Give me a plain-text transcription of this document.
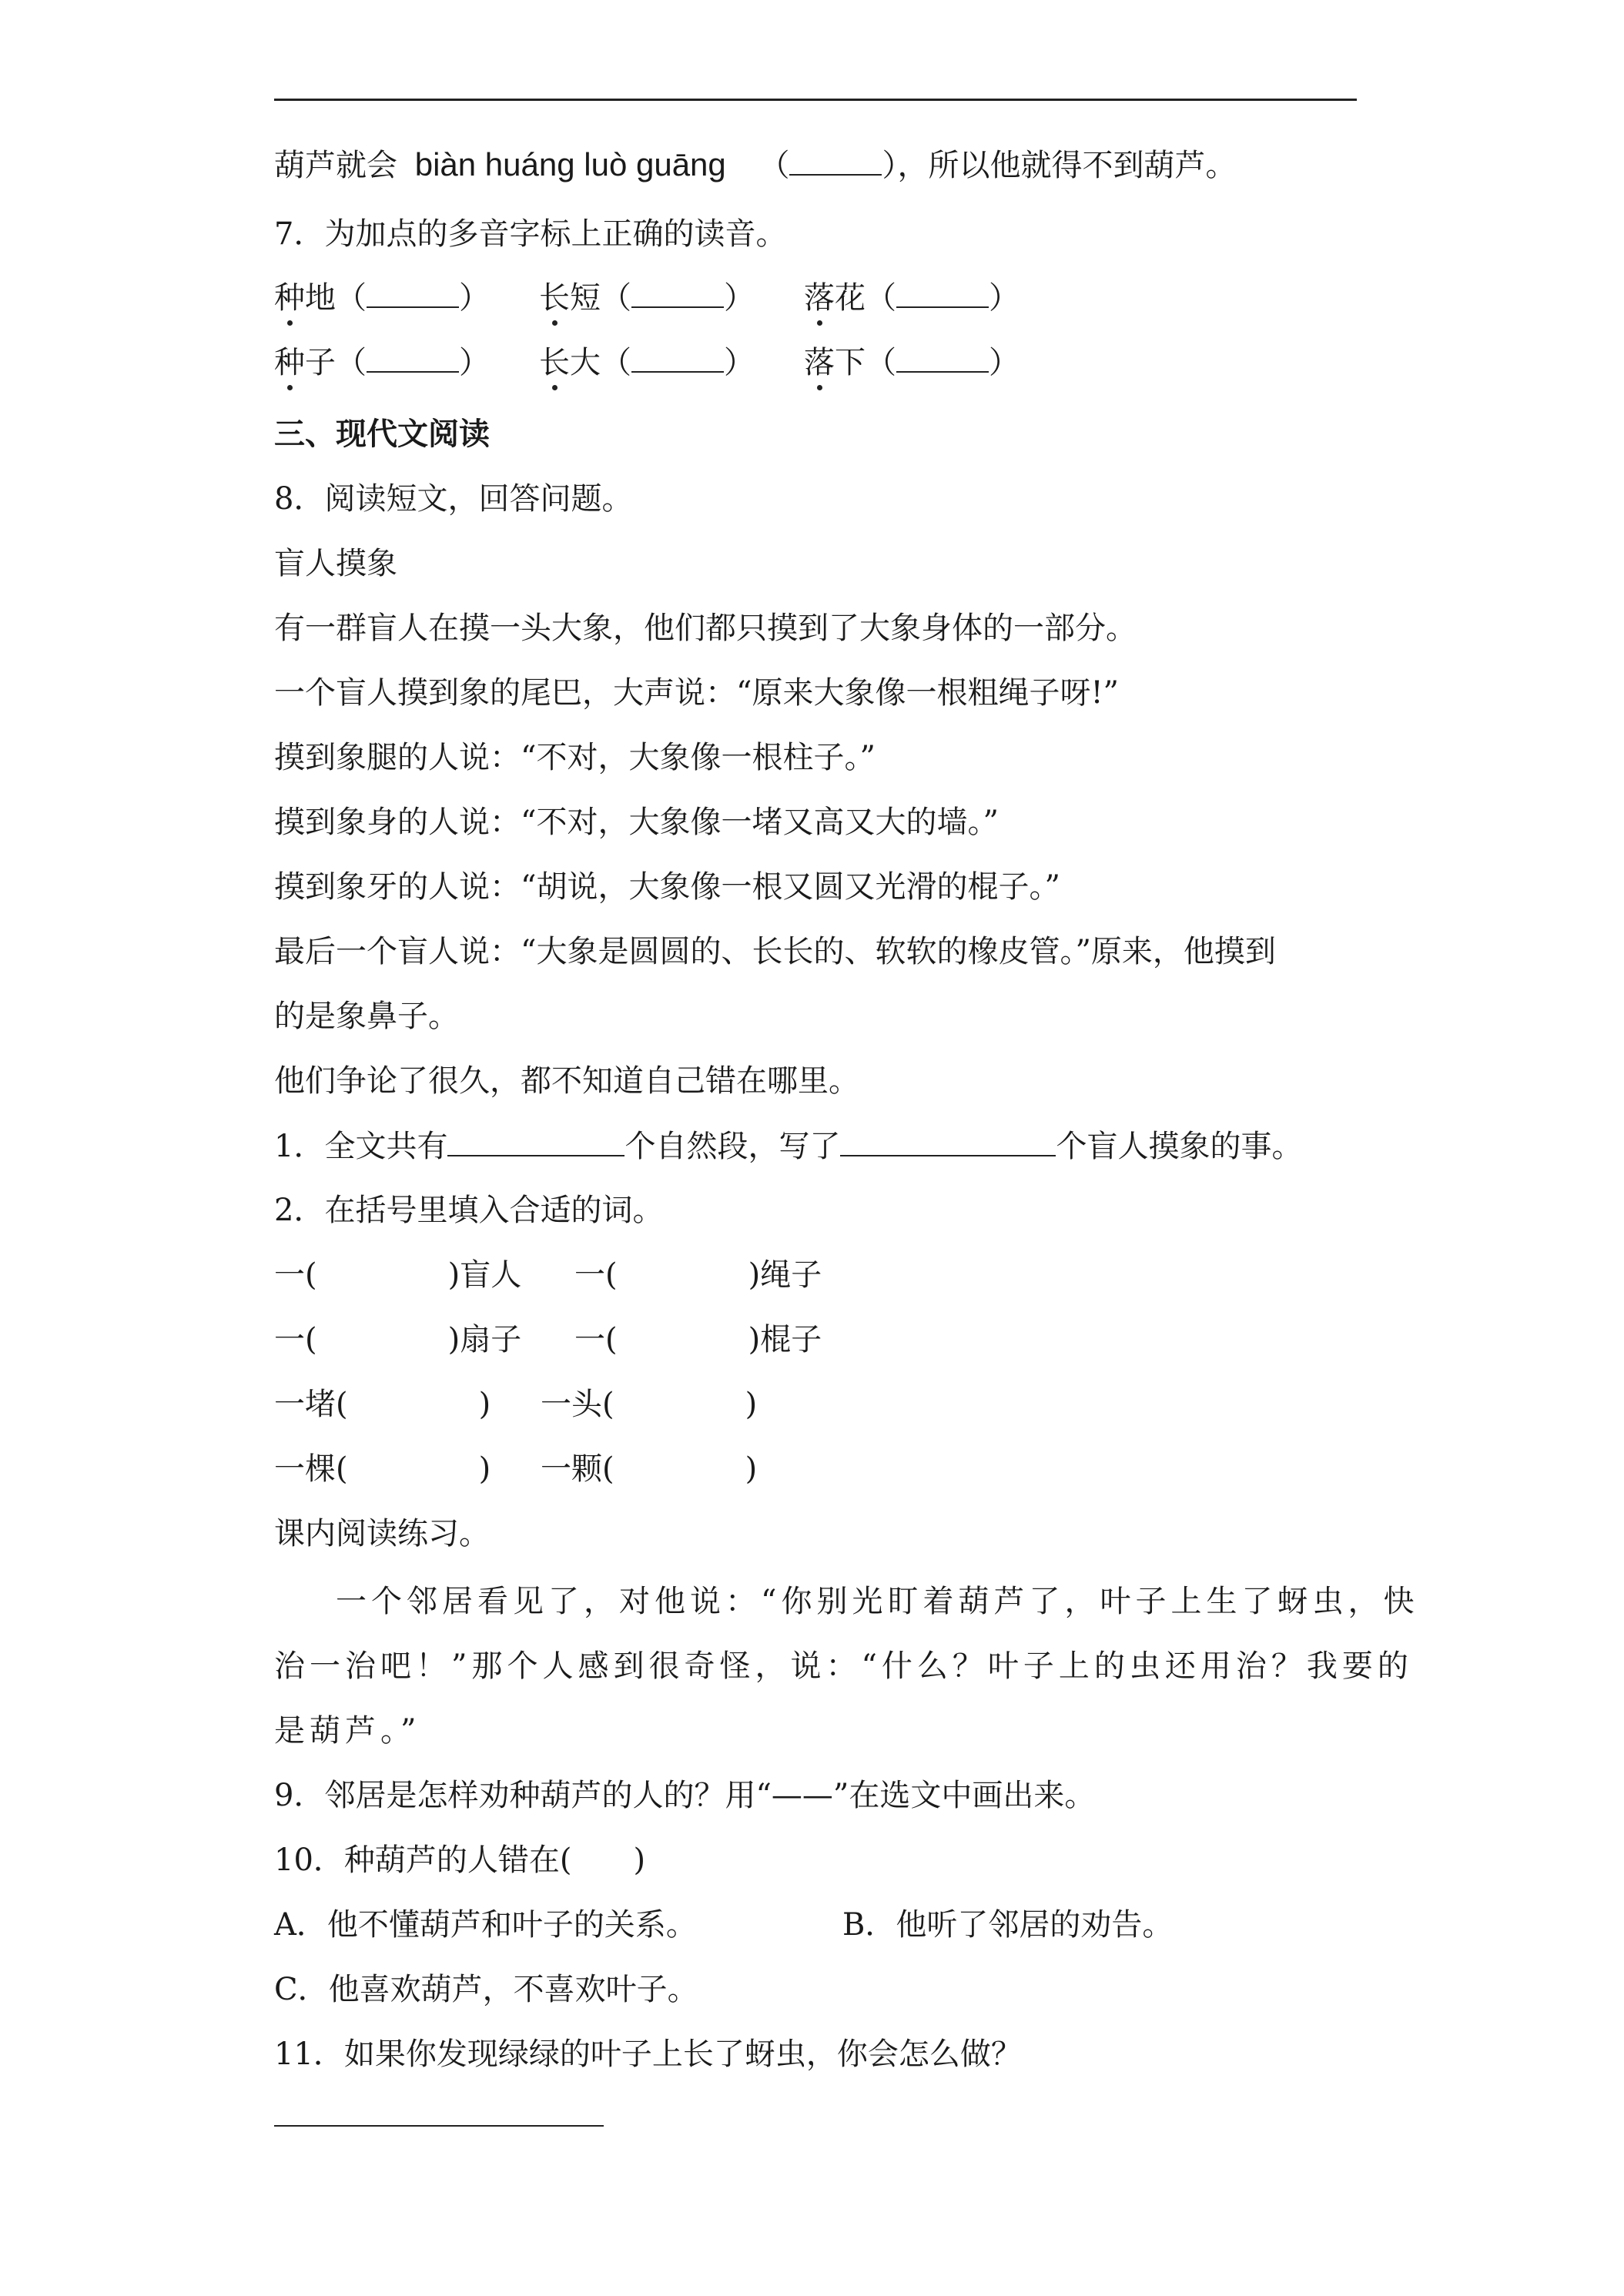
葫芦就会 biàn huáng luò guāng （	），所以他就得不到葫芦。
7．为加点的多音字标上正确的读音。
种地（	） 长短（	） 落花（	）
种子（	） 长大（	） 落下（	）
三、现代文阅读
8．阅读短文，回答问题。
盲人摸象
有一群盲人在摸一头大象，他们都只摸到了大象身体的一部分。
一个盲人摸到象的尾巴，大声说：“原来大象像一根粗绳子呀!”
摸到象腿的人说：“不对，大象像一根柱子。”
摸到象身的人说：“不对，大象像一堵又高又大的墙。”
摸到象牙的人说：“胡说，大象像一根又圆又光滑的棍子。”
最后一个盲人说：“大象是圆圆的、长长的、软软的橡皮管。”原来，他摸到
的是象鼻子。
他们争论了很久，都不知道自己错在哪里。
1．全文共有	个自然段，写了	个盲人摸象的事。
2．在括号里填入合适的词。
一(	)盲人 一(	)绳子
一(	)扇子 一(	)棍子
一堵(	) 一头(	)
一棵(	) 一颗(	)
课内阅读练习。
一个邻居看见了，对他说：“你别光盯着葫芦了，叶子上生了蚜虫，快
治一治吧！”那个人感到很奇怪，说：“什么？叶子上的虫还用治？我要的
是葫芦。”
9．邻居是怎样劝种葫芦的人的？用“——”在选文中画出来。
10．种葫芦的人错在(　　)
A．他不懂葫芦和叶子的关系。	B．他听了邻居的劝告。
C．他喜欢葫芦，不喜欢叶子。
11．如果你发现绿绿的叶子上长了蚜虫，你会怎么做？
